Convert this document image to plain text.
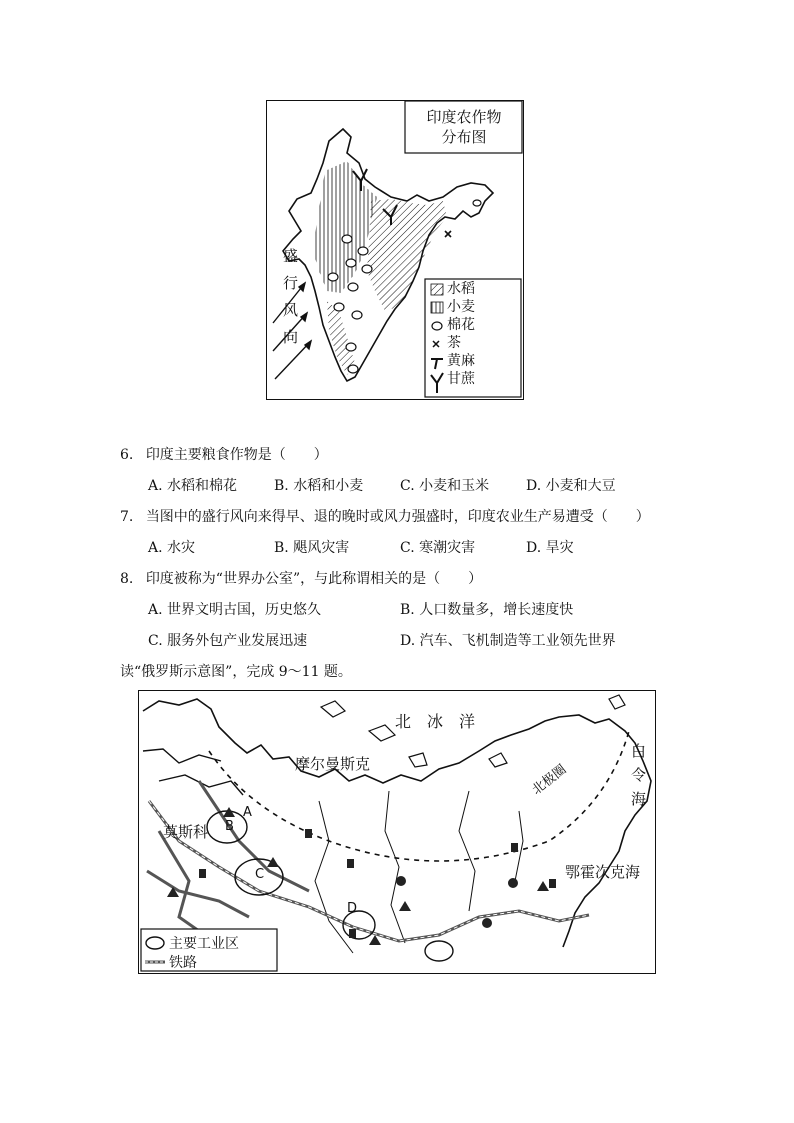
印度农作物
分布图
盛
行
风
向
水稻
小麦
棉花
茶
黄麻
甘蔗
6. 印度主要粮食作物是（　　）
A. 水稻和棉花	B. 水稻和小麦	C. 小麦和玉米	D. 小麦和大豆
7. 当图中的盛行风向来得早、退的晚时或风力强盛时，印度农业生产易遭受（　　）
A. 水灾	B. 飓风灾害	C. 寒潮灾害	D. 旱灾
8. 印度被称为“世界办公室”，与此称谓相关的是（　　）
A. 世界文明古国，历史悠久	B. 人口数量多，增长速度快
C. 服务外包产业发展迅速	D. 汽车、飞机制造等工业领先世界
读“俄罗斯示意图”，完成 9～11 题。
北　冰　洋
摩尔曼斯克
莫斯科
北极圈
白
令
海
鄂霍次克海
A
B
C
D
主要工业区
铁路
